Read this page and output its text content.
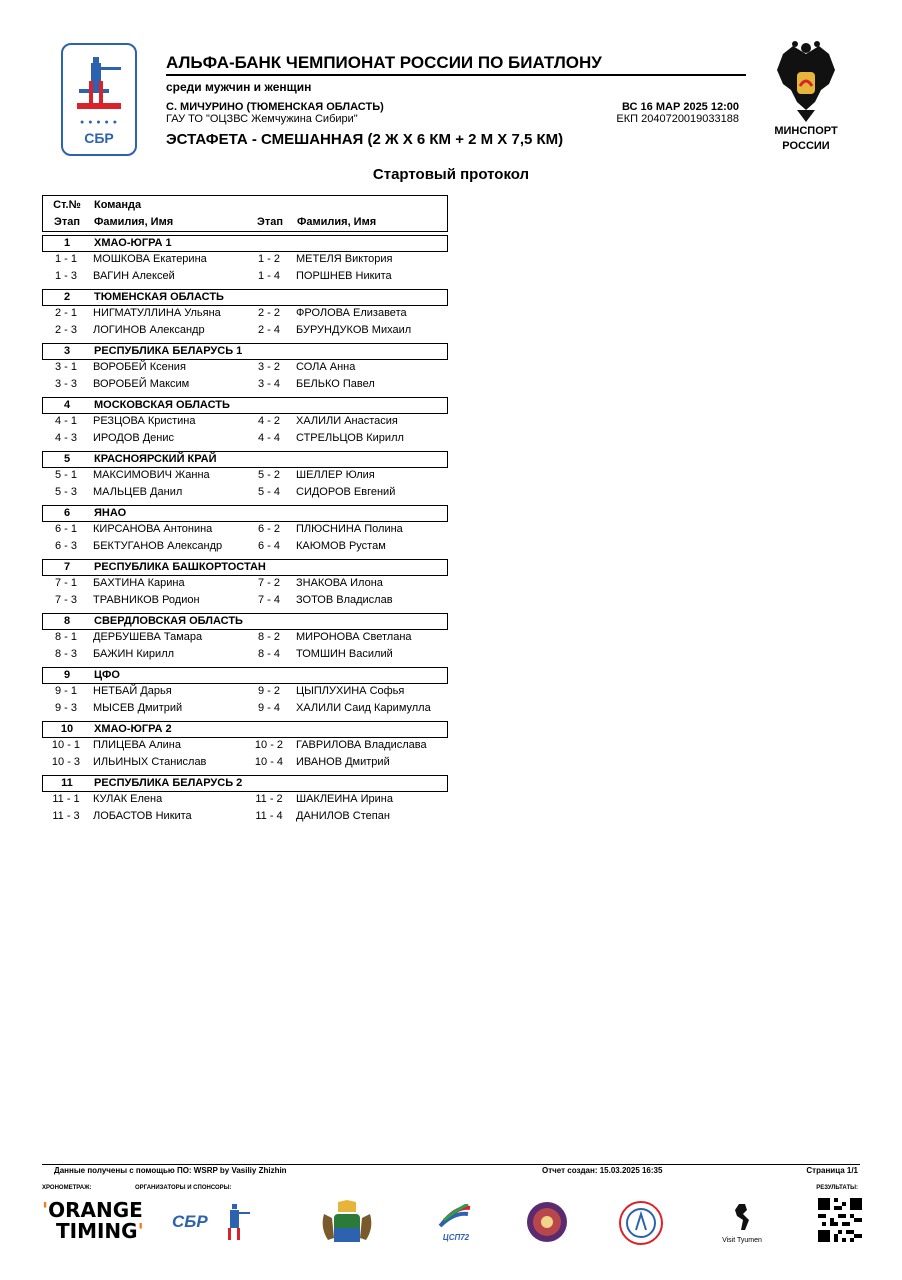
● ● ● ● ●
СБР
АЛЬФА-БАНК ЧЕМПИОНАТ РОССИИ ПО БИАТЛОНУ
среди мужчин и женщин
С. МИЧУРИНО (ТЮМЕНСКАЯ ОБЛАСТЬ)
ГАУ ТО "ОЦЗВС Жемчужина Сибири"
ВС 16 МАР 2025 12:00
ЕКП 2040720019033188
ЭСТАФЕТА - СМЕШАННАЯ (2 Ж X 6 КМ + 2 М X 7,5 КМ)	МИНСПОРТ
РОССИИ
Стартовый протокол
Ст.№	Команда
Этап	Фамилия, Имя	Этап	Фамилия, Имя
1	ХМАО-ЮГРА 1
1 - 1	МОШКОВА Екатерина	1 - 2	МЕТЕЛЯ Виктория
1 - 3	ВАГИН Алексей	1 - 4	ПОРШНЕВ Никита
2	ТЮМЕНСКАЯ ОБЛАСТЬ
2 - 1	НИГМАТУЛЛИНА Ульяна	2 - 2	ФРОЛОВА Елизавета
2 - 3	ЛОГИНОВ Александр	2 - 4	БУРУНДУКОВ Михаил
3	РЕСПУБЛИКА БЕЛАРУСЬ 1
3 - 1	ВОРОБЕЙ Ксения	3 - 2	СОЛА Анна
3 - 3	ВОРОБЕЙ Максим	3 - 4	БЕЛЬКО Павел
4	МОСКОВСКАЯ ОБЛАСТЬ
4 - 1	РЕЗЦОВА Кристина	4 - 2	ХАЛИЛИ Анастасия
4 - 3	ИРОДОВ Денис	4 - 4	СТРЕЛЬЦОВ Кирилл
5	КРАСНОЯРСКИЙ КРАЙ
5 - 1	МАКСИМОВИЧ Жанна	5 - 2	ШЕЛЛЕР Юлия
5 - 3	МАЛЬЦЕВ Данил	5 - 4	СИДОРОВ Евгений
6	ЯНАО
6 - 1	КИРСАНОВА Антонина	6 - 2	ПЛЮСНИНА Полина
6 - 3	БЕКТУГАНОВ Александр	6 - 4	КАЮМОВ Рустам
7	РЕСПУБЛИКА БАШКОРТОСТАН
7 - 1	БАХТИНА Карина	7 - 2	ЗНАКОВА Илона
7 - 3	ТРАВНИКОВ Родион	7 - 4	ЗОТОВ Владислав
8	СВЕРДЛОВСКАЯ ОБЛАСТЬ
8 - 1	ДЕРБУШЕВА Тамара	8 - 2	МИРОНОВА Светлана
8 - 3	БАЖИН Кирилл	8 - 4	ТОМШИН Василий
9	ЦФО
9 - 1	НЕТБАЙ Дарья	9 - 2	ЦЫПЛУХИНА Софья
9 - 3	МЫСЕВ Дмитрий	9 - 4	ХАЛИЛИ Саид Каримулла
10	ХМАО-ЮГРА 2
10 - 1	ПЛИЦЕВА Алина	10 - 2	ГАВРИЛОВА Владислава
10 - 3	ИЛЬИНЫХ Станислав	10 - 4	ИВАНОВ Дмитрий
11	РЕСПУБЛИКА БЕЛАРУСЬ 2
11 - 1	КУЛАК Елена	11 - 2	ШАКЛЕИНА Ирина
11 - 3	ЛОБАСТОВ Никита	11 - 4	ДАНИЛОВ Степан
Данные получены с помощью ПО: WSRP by Vasiliy Zhizhin	Отчет создан: 15.03.2025 16:35	Страница 1/1
ХРОНОМЕТРАЖ:	ОРГАНИЗАТОРЫ И СПОНСОРЫ:	РЕЗУЛЬТАТЫ:
'ORANGE
TIMING' СБР
ЦСП72	Visit Tyumen
